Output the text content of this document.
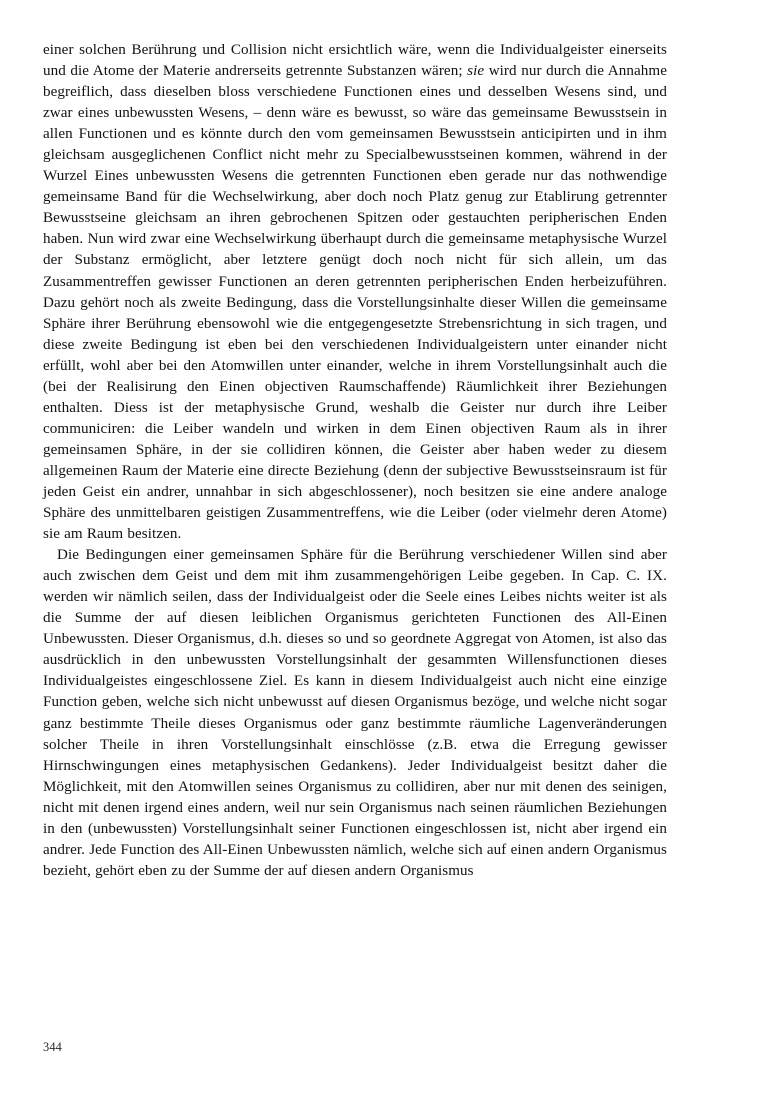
einer solchen Berührung und Collision nicht ersichtlich wäre, wenn die Individualgeister einerseits und die Atome der Materie andrerseits getrennte Substanzen wären; sie wird nur durch die Annahme begreiflich, dass dieselben bloss verschiedene Functionen eines und desselben Wesens sind, und zwar eines unbewussten Wesens, – denn wäre es bewusst, so wäre das gemeinsame Bewusstsein in allen Functionen und es könnte durch den vom gemeinsamen Bewusstsein anticipirten und in ihm gleichsam ausgeglichenen Conflict nicht mehr zu Specialbewusstseinen kommen, während in der Wurzel Eines unbewussten Wesens die getrennten Functionen eben gerade nur das nothwendige gemeinsame Band für die Wechselwirkung, aber doch noch Platz genug zur Etablirung getrennter Bewusstseine gleichsam an ihren gebrochenen Spitzen oder gestauchten peripherischen Enden haben. Nun wird zwar eine Wechselwirkung überhaupt durch die gemeinsame metaphysische Wurzel der Substanz ermöglicht, aber letztere genügt doch noch nicht für sich allein, um das Zusammentreffen gewisser Functionen an deren getrennten peripherischen Enden herbeizuführen. Dazu gehört noch als zweite Bedingung, dass die Vorstellungsinhalte dieser Willen die gemeinsame Sphäre ihrer Berührung ebensowohl wie die entgegengesetzte Strebensrichtung in sich tragen, und diese zweite Bedingung ist eben bei den verschiedenen Individualgeistern unter einander nicht erfüllt, wohl aber bei den Atomwillen unter einander, welche in ihrem Vorstellungsinhalt auch die (bei der Realisirung den Einen objectiven Raumschaffende) Räumlichkeit ihrer Beziehungen enthalten. Diess ist der metaphysische Grund, weshalb die Geister nur durch ihre Leiber communiciren: die Leiber wandeln und wirken in dem Einen objectiven Raum als in ihrer gemeinsamen Sphäre, in der sie collidiren können, die Geister aber haben weder zu diesem allgemeinen Raum der Materie eine directe Beziehung (denn der subjective Bewusstseinsraum ist für jeden Geist ein andrer, unnahbar in sich abgeschlossener), noch besitzen sie eine andere analoge Sphäre des unmittelbaren geistigen Zusammentreffens, wie die Leiber (oder vielmehr deren Atome) sie am Raum besitzen.

Die Bedingungen einer gemeinsamen Sphäre für die Berührung verschiedener Willen sind aber auch zwischen dem Geist und dem mit ihm zusammengehörigen Leibe gegeben. In Cap. C. IX. werden wir nämlich seilen, dass der Individualgeist oder die Seele eines Leibes nichts weiter ist als die Summe der auf diesen leiblichen Organismus gerichteten Functionen des All-Einen Unbewussten. Dieser Organismus, d.h. dieses so und so geordnete Aggregat von Atomen, ist also das ausdrücklich in den unbewussten Vorstellungsinhalt der gesammten Willensfunctionen dieses Individualgeistes eingeschlossene Ziel. Es kann in diesem Individualgeist auch nicht eine einzige Function geben, welche sich nicht unbewusst auf diesen Organismus bezöge, und welche nicht sogar ganz bestimmte Theile dieses Organismus oder ganz bestimmte räumliche Lagenveränderungen solcher Theile in ihren Vorstellungsinhalt einschlösse (z.B. etwa die Erregung gewisser Hirnschwingungen eines metaphysischen Gedankens). Jeder Individualgeist besitzt daher die Möglichkeit, mit den Atomwillen seines Organismus zu collidiren, aber nur mit denen des seinigen, nicht mit denen irgend eines andern, weil nur sein Organismus nach seinen räumlichen Beziehungen in den (unbewussten) Vorstellungsinhalt seiner Functionen eingeschlossen ist, nicht aber irgend ein andrer. Jede Function des All-Einen Unbewussten nämlich, welche sich auf einen andern Organismus bezieht, gehört eben zu der Summe der auf diesen andern Organismus

344
